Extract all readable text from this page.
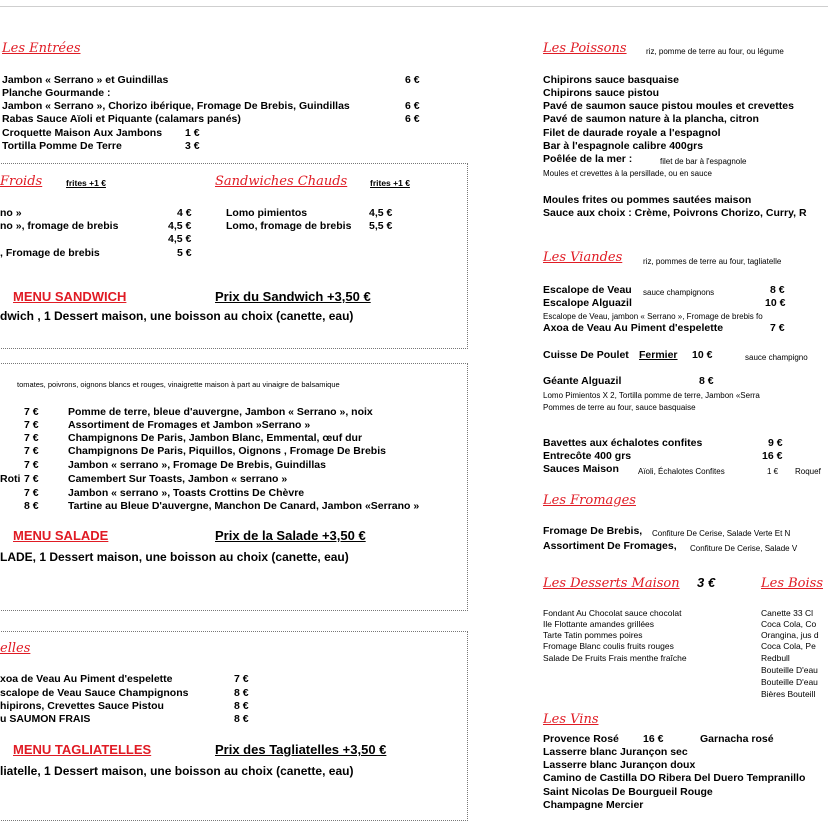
Les Entrées
Jambon « Serrano » et Guindillas	6 €
Planche Gourmande :
Jambon « Serrano », Chorizo ibérique, Fromage De Brebis, Guindillas	6 €
Rabas Sauce Aïoli et Piquante (calamars panés)	6 €
Croquette Maison Aux Jambons 1 €
Tortilla Pomme De Terre	3 €
Froids	frites +1 €	Sandwiches Chauds	frites +1 €
no »	4 €
no », fromage de brebis	4,5 €
4,5 €
, Fromage de brebis	5 €
Lomo pimientos	4,5 €
Lomo, fromage de brebis 5,5 €
MENU SANDWICH	Prix du Sandwich +3,50 €
dwich , 1 Dessert maison, une boisson au choix (canette, eau)
tomates, poivrons, oignons blancs et rouges, vinaigrette maison à part au vinaigre de balsamique
7 €	Pomme de terre, bleue d'auvergne, Jambon « Serrano », noix
7 €	Assortiment de Fromages et Jambon »Serrano »
7 €	Champignons De Paris, Jambon Blanc, Emmental, œuf dur
7 €	Champignons De Paris, Piquillos, Oignons , Fromage De Brebis
7 €	Jambon « serrano », Fromage De Brebis, Guindillas
Roti 7 €	Camembert Sur Toasts, Jambon « serrano »
7 €	Jambon « serrano », Toasts Crottins De Chèvre
8 €	Tartine au Bleue D'auvergne, Manchon De Canard, Jambon «Serrano »
MENU SALADE	Prix de la Salade +3,50 €
LADE, 1 Dessert maison, une boisson au choix (canette, eau)
elles
xoa de Veau Au Piment d'espelette	7 €
scalope de Veau Sauce Champignons	8 €
hipirons, Crevettes Sauce Pistou	8 €
u SAUMON FRAIS	8 €
MENU TAGLIATELLES	Prix des Tagliatelles +3,50 €
liatelle, 1 Dessert maison, une boisson au choix (canette, eau)
Les Poissons riz, pomme de terre au four, ou légume
Chipirons sauce basquaise
Chipirons sauce pistou
Pavé de saumon sauce pistou moules et crevettes
Pavé de saumon nature à la plancha, citron
Filet de daurade royale a l'espagnol
Bar à l'espagnole calibre 400grs
Poêlée de la mer :	filet de bar à l'espagnole
Moules et crevettes à la persillade, ou en sauce
Moules frites ou pommes sautées maison
Sauce aux choix : Crème, Poivrons Chorizo, Curry, R
Les Viandes	riz, pommes de terre au four, tagliatelle
Escalope de Veau sauce champignons	8 €
Escalope Alguazil	10 €
Escalope de Veau, jambon « Serrano », Fromage de brebis fo
Axoa de Veau Au Piment d'espelette	7 €
Cuisse De Poulet Fermier 10 €	sauce champigno
Géante Alguazil	8 €
Lomo Pimientos X 2, Tortilla pomme de terre, Jambon «Serra
Pommes de terre au four, sauce basquaise
Bavettes aux échalotes confites	9 €
Entrecôte 400 grs	16 €
Sauces Maison Aïoli, Échalotes Confites	1 € Roquef
Les Fromages
Fromage De Brebis, Confiture De Cerise, Salade Verte Et N
Assortiment De Fromages, Confiture De Cerise, Salade V
Les Desserts Maison 3 €
Fondant Au Chocolat sauce chocolat
Ile Flottante amandes grillées
Tarte Tatin pommes poires
Fromage Blanc coulis fruits rouges
Salade De Fruits Frais menthe fraîche
Les Boiss
Canette 33 Cl
Coca Cola, Co
Orangina, jus d
Coca Cola, Pe
Redbull
Bouteille D'eau
Bouteille D'eau
Bières Bouteill
Les Vins
Provence Rosé 16 €	Garnacha rosé
Lasserre blanc Jurançon sec
Lasserre blanc Jurançon doux
Camino de Castilla DO Ribera Del Duero Tempranillo
Saint Nicolas De Bourgueil Rouge
Champagne Mercier
